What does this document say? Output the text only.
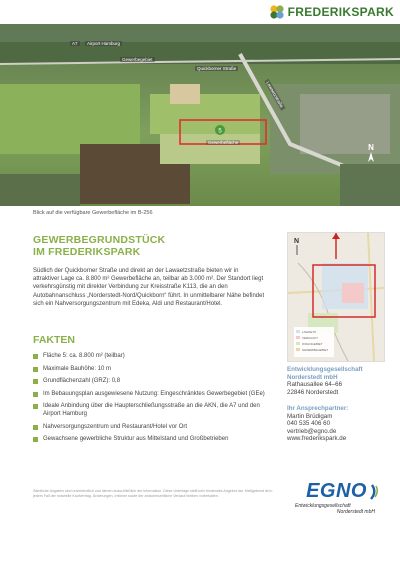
FREDERIKSPARK
5
A7	Airport Hamburg
Gewerbegebiet
Quickborner Straße
Lawaetzstraße
Gewerbefläche
N
Blick auf die verfügbare Gewerbefläche im B-256
GEWERBEGRUNDSTÜCK
IM FREDERIKSPARK
Südlich der Quickborner Straße und direkt an der Lawaetzstraße bieten wir in attraktiver Lage ca. 8.800 m² Gewerbefläche an, teilbar ab 3.000 m². Der Standort liegt verkehrsgünstig mit direkter Verbindung zur Kreisstraße K113, die an den Autobahnanschluss „Norderstedt-Nord/Quickborn“ führt. In unmittelbarer Nähe befindet sich ein Nahversorgungszentrum mit Edeka, Aldi und Restaurant/Hotel.
FAKTEN
Fläche 5: ca. 8.800 m² (teilbar)
Maximale Bauhöhe: 10 m
Grundflächenzahl (GRZ): 0,8
Im Bebauungsplan ausgewiesene Nutzung: Eingeschränktes Gewerbegebiet (GEe)
Ideale Anbindung über die Haupterschließungsstraße an die AKN, die A7 und den Airport Hamburg
Nahversorgungszentrum und Restaurant/Hotel vor Ort
Gewachsene gewerbliche Struktur aus Mittelstand und Großbetrieben
Sämtliche Angaben sind unverbindlich und dienen ausschließlich der Information. Diese Unterlage stellt kein bindendes Angebot dar. Maßgebend ist in jedem Fall der notarielle Kaufvertrag. Änderungen, Irrtümer sowie der zwischenzeitliche Verkauf bleiben vorbehalten.
N
LAWAETZ
VERKAUFT
WOHNGEBIET
GEWERBEGEBIET
Entwicklungsgesellschaft
Norderstedt mbH
Rathausallee 64–66
22846 Norderstedt
Ihr Ansprechpartner:
Martin Brüdigam
040 535 406 60
vertrieb@egno.de
www.frederikspark.de
EGNO
Entwicklungsgesellschaft
Norderstedt mbH
